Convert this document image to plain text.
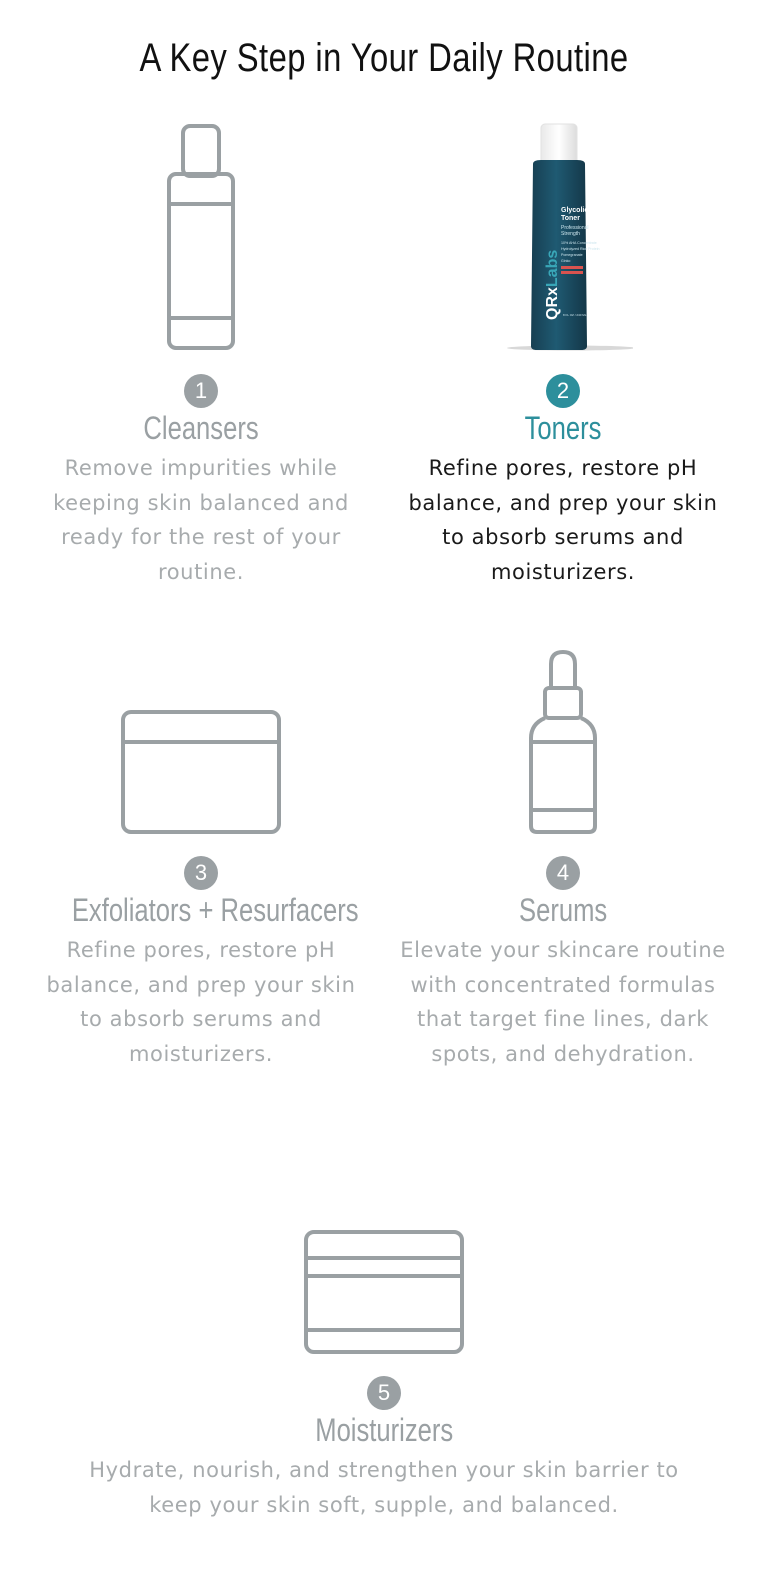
A Key Step in Your Daily Routine
1
Cleansers
Remove impurities while keeping skin balanced and ready for the rest of your routine.
QRxLabs
Glycolic Acid
Toner
Professional
Strength
10% AHA Concentrate
Hydrolyzed Rice Protein
Pomegranate
Ginko
8 FL OZ / 240 ML
2
Toners
Refine pores, restore pH balance, and prep your skin to absorb serums and moisturizers.
3
Exfoliators + Resurfacers
Refine pores, restore pH balance, and prep your skin to absorb serums and moisturizers.
4
Serums
Elevate your skincare routine with concentrated formulas that target fine lines, dark spots, and dehydration.
5
Moisturizers
Hydrate, nourish, and strengthen your skin barrier to keep your skin soft, supple, and balanced.
